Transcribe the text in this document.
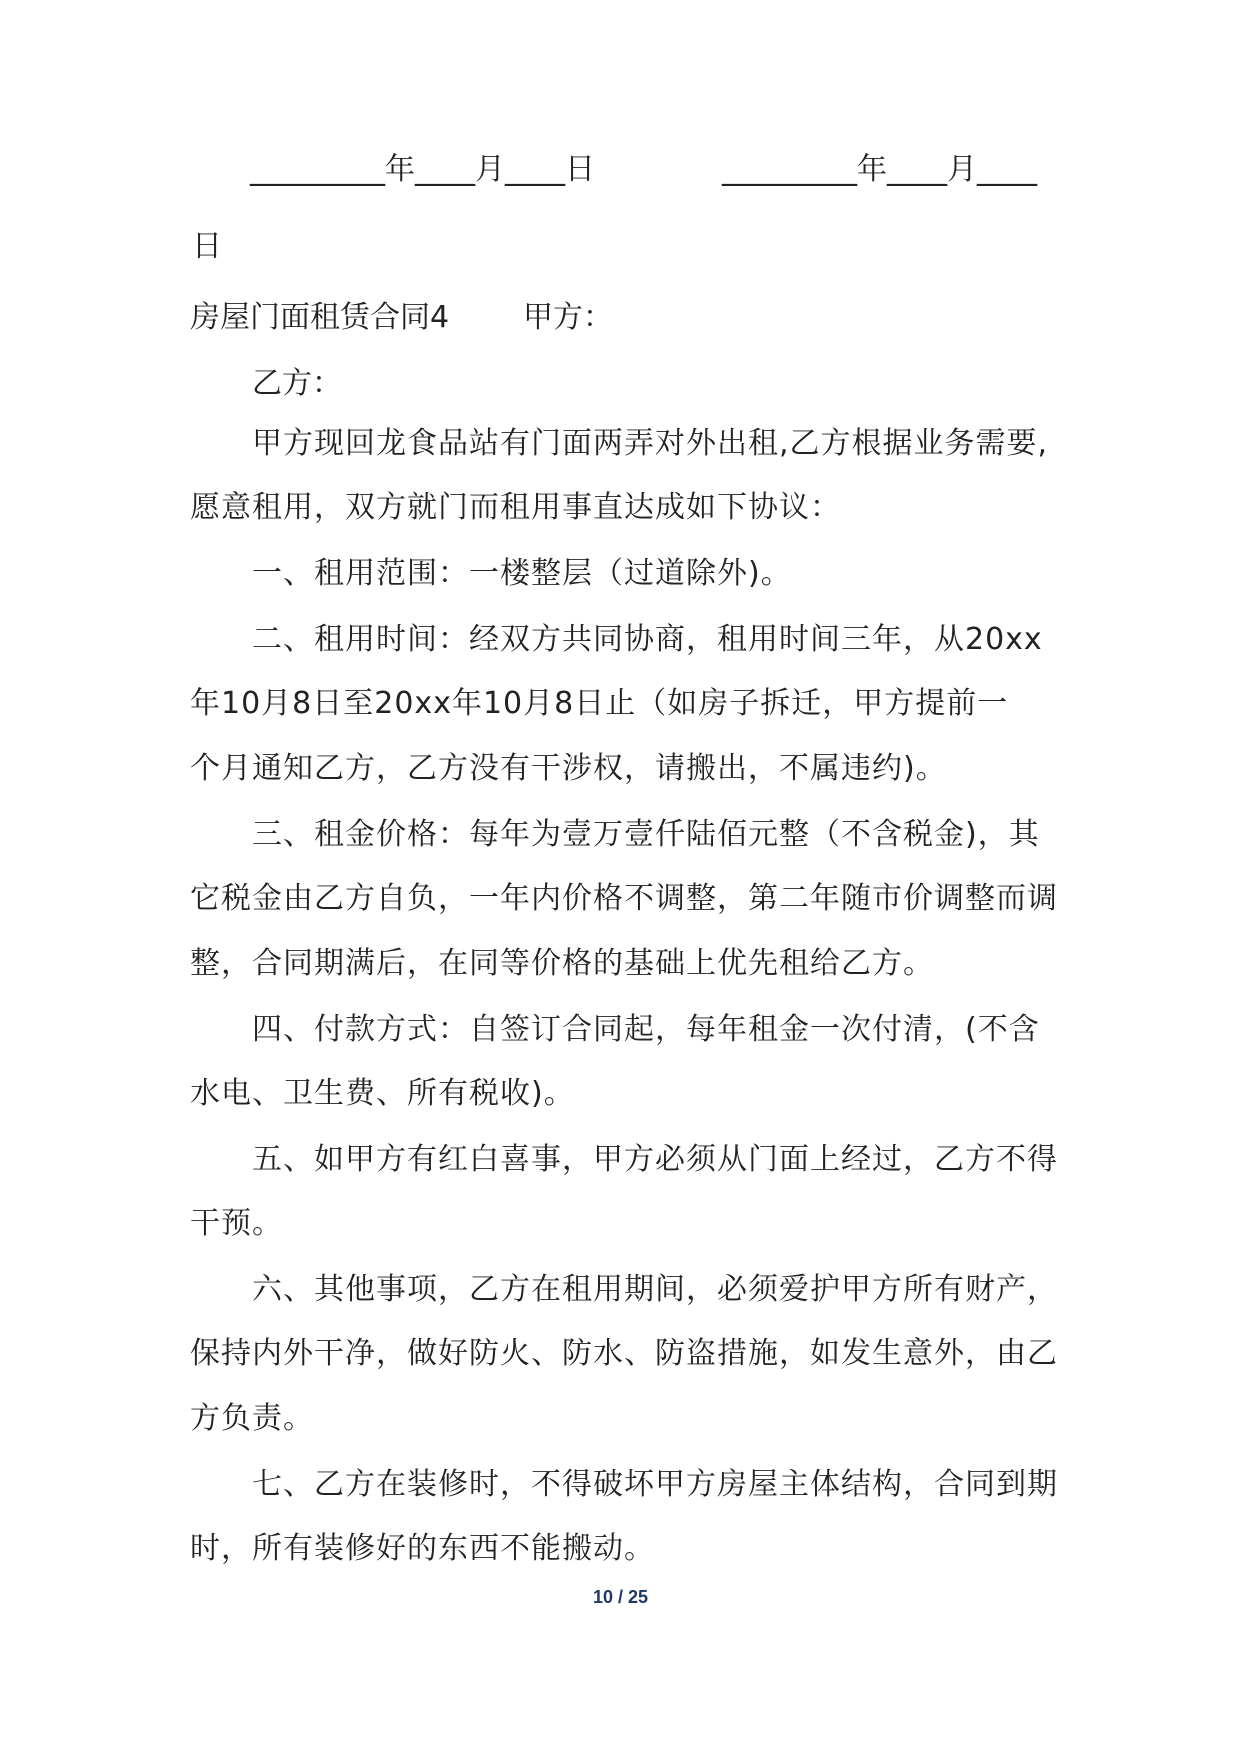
_________年____月____日	_________年____月____
日
房屋门面租赁合同4 甲方：
乙方：
甲方现回龙食品站有门面两弄对外出租,乙方根据业务需要,
愿意租用，双方就门而租用事直达成如下协议：
一、租用范围：一楼整层（过道除外)。
二、租用时间：经双方共同协商，租用时间三年，从20xx
年10月8日至20xx年10月8日止（如房子拆迁，甲方提前一
个月通知乙方，乙方没有干涉权，请搬出，不属违约)。
三、租金价格：每年为壹万壹仟陆佰元整（不含税金)，其
它税金由乙方自负，一年内价格不调整，第二年随市价调整而调
整，合同期满后，在同等价格的基础上优先租给乙方。
四、付款方式：自签订合同起，每年租金一次付清，(不含
水电、卫生费、所有税收)。
五、如甲方有红白喜事，甲方必须从门面上经过，乙方不得
干预。
六、其他事项，乙方在租用期间，必须爱护甲方所有财产，
保持内外干净，做好防火、防水、防盗措施，如发生意外，由乙
方负责。
七、乙方在装修时，不得破坏甲方房屋主体结构，合同到期
时，所有装修好的东西不能搬动。
10 / 25
